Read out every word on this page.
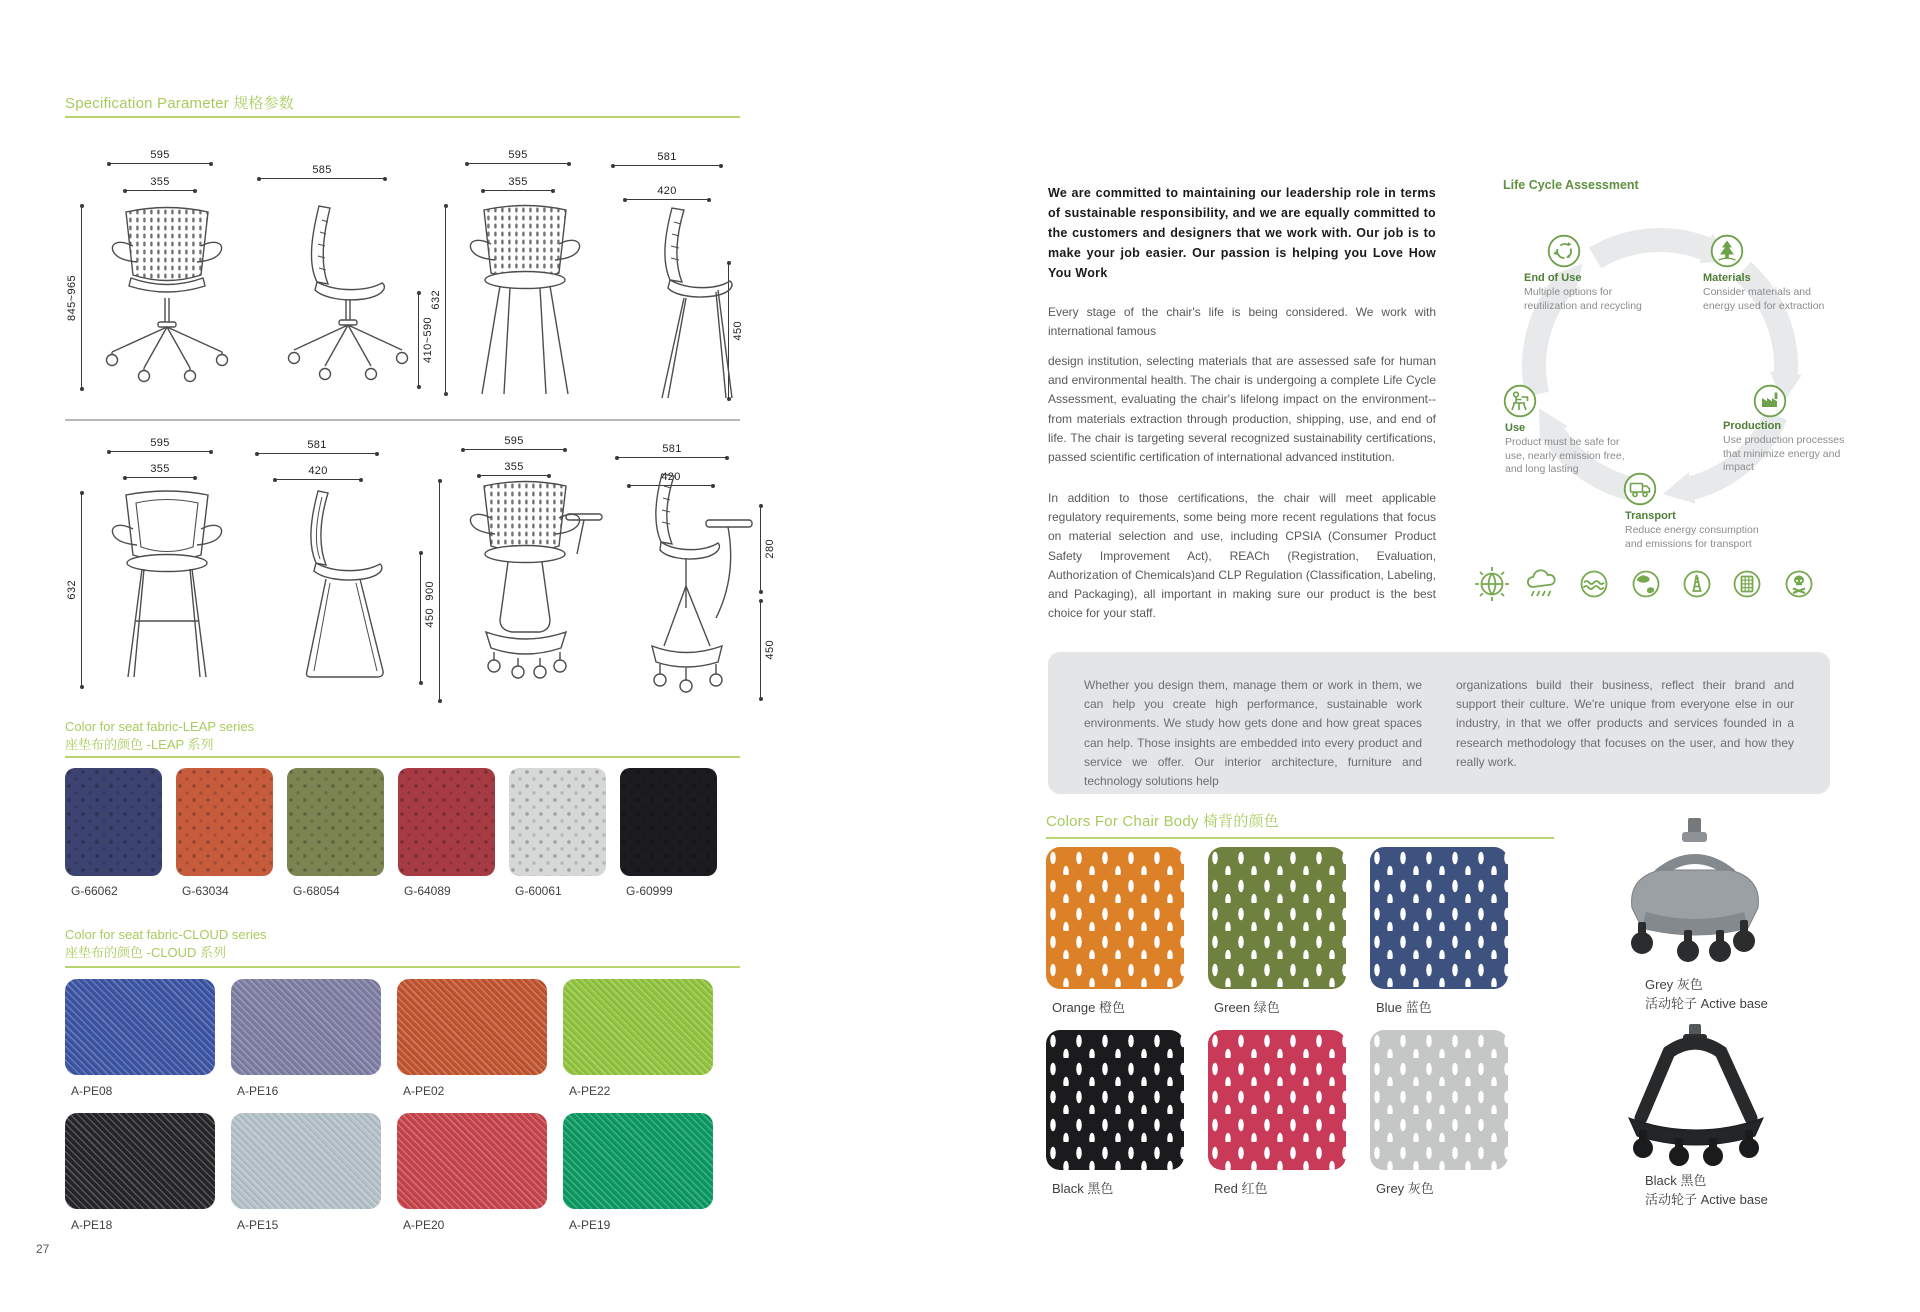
Specification Parameter 规格参数
595
355
845~965
585
410~590
595
355
632
581
420
450
595
355
632
581
420
450
595
355
900
581
420
280
450
Color for seat fabric-LEAP series
座垫布的颜色 -LEAP 系列
G-66062	G-63034	G-68054	G-64089	G-60061	G-60999
Color for seat fabric-CLOUD series
座垫布的颜色 -CLOUD 系列
A-PE08	A-PE16	A-PE02	A-PE22
A-PE18	A-PE15	A-PE20	A-PE19
27
We are committed to maintaining our leadership role in terms of sustainable responsibility, and we are equally committed to the customers and designers that we work with. Our job is to make your job easier. Our passion is helping you Love How You Work
Every stage of the chair's life is being considered. We work with international famous
design institution, selecting materials that are assessed safe for human and environmental health. The chair is undergoing a complete Life Cycle Assessment, evaluating the chair's lifelong impact on the environment--from materials extraction through production, shipping, use, and end of life. The chair is targeting several recognized sustainability certifications, passed scientific certification of international advanced institution.
In addition to those certifications, the chair will meet applicable regulatory requirements, some being more recent regulations that focus on material selection and use, including CPSIA (Consumer Product Safety Improvement Act), REACh (Registration, Evaluation, Authorization of Chemicals)and CLP Regulation (Classification, Labeling, and Packaging), all important in making sure our product is the best choice for your staff.
Life Cycle Assessment
End of Use
Multiple options for reutilization and recycling
Materials
Consider materials and energy used for extraction
Use
Product must be safe for use, nearly emission free, and long lasting
Production
Use production processes that minimize energy and impact
Transport
Reduce energy consumption and emissions for transport
Whether you design them, manage them or work in them, we can help you create high performance, sustainable work environments. We study how gets done and how great spaces can help. Those insights are embedded into every product and service we offer. Our interior architecture, furniture and technology solutions help
organizations build their business, reflect their brand and support their culture. We're unique from everyone else in our industry, in that we offer products and services founded in a research methodology that focuses on the user, and how they really work.
Colors For Chair Body 椅背的颜色
Orange 橙色	Green 绿色	Blue 蓝色
Black 黑色	Red 红色	Grey 灰色
Grey 灰色
活动轮子 Active base
Black 黑色
活动轮子 Active base
